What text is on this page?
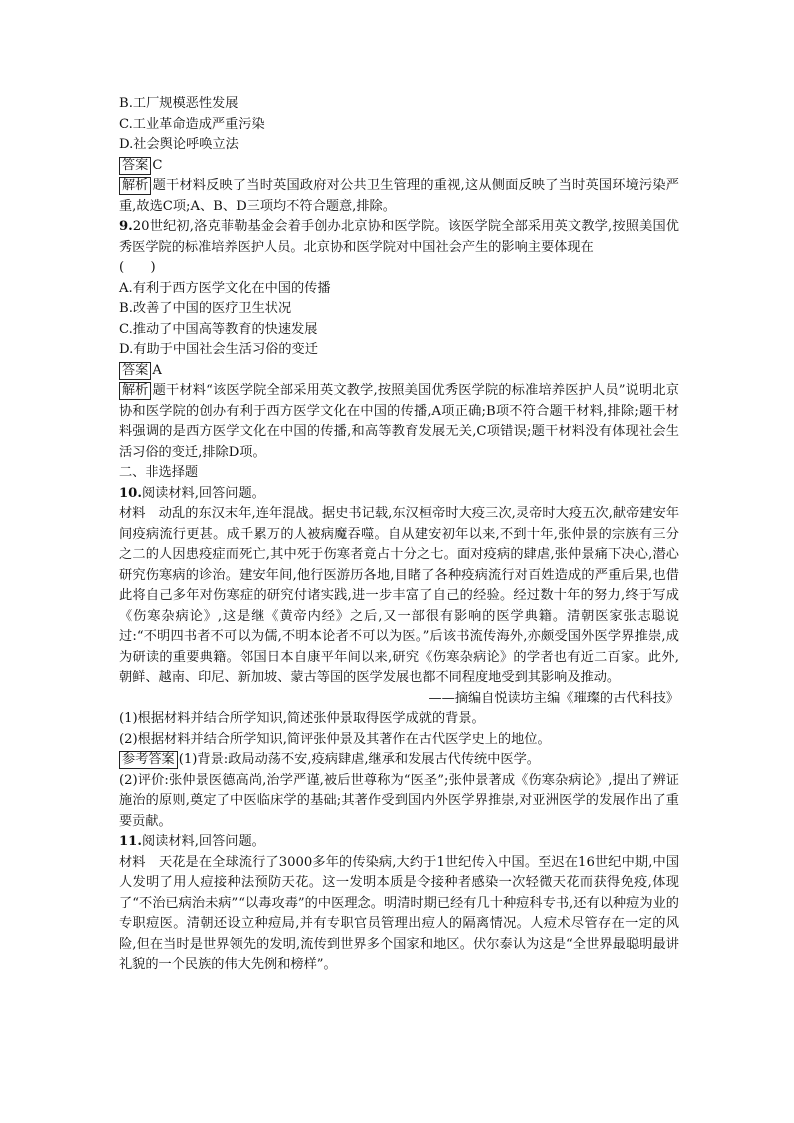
B.工厂规模恶性发展
C.工业革命造成严重污染
D.社会舆论呼唤立法
答案 C
解析 题干材料反映了当时英国政府对公共卫生管理的重视,这从侧面反映了当时英国环境污染严重,故选C项;A、B、D三项均不符合题意,排除。
9.20世纪初,洛克菲勒基金会着手创办北京协和医学院。该医学院全部采用英文教学,按照美国优秀医学院的标准培养医护人员。北京协和医学院对中国社会产生的影响主要体现在
(　　)
A.有利于西方医学文化在中国的传播
B.改善了中国的医疗卫生状况
C.推动了中国高等教育的快速发展
D.有助于中国社会生活习俗的变迁
答案 A
解析 题干材料“该医学院全部采用英文教学,按照美国优秀医学院的标准培养医护人员”说明北京协和医学院的创办有利于西方医学文化在中国的传播,A项正确;B项不符合题干材料,排除;题干材料强调的是西方医学文化在中国的传播,和高等教育发展无关,C项错误;题干材料没有体现社会生活习俗的变迁,排除D项。
二、非选择题
10.阅读材料,回答问题。
材料　 动乱的东汉末年,连年混战。据史书记载,东汉桓帝时大疫三次,灵帝时大疫五次,献帝建安年间疫病流行更甚。成千累万的人被病魔吞噬。自从建安初年以来,不到十年,张仲景的宗族有三分之二的人因患疫症而死亡,其中死于伤寒者竟占十分之七。面对疫病的肆虐,张仲景痛下决心,潜心研究伤寒病的诊治。建安年间,他行医游历各地,目睹了各种疫病流行对百姓造成的严重后果,也借此将自己多年对伤寒症的研究付诸实践,进一步丰富了自己的经验。经过数十年的努力,终于写成《伤寒杂病论》,这是继《黄帝内经》之后,又一部很有影响的医学典籍。清朝医家张志聪说过:“不明四书者不可以为儒,不明本论者不可以为医。”后该书流传海外,亦颇受国外医学界推崇,成为研读的重要典籍。邻国日本自康平年间以来,研究《伤寒杂病论》的学者也有近二百家。此外,朝鲜、越南、印尼、新加坡、蒙古等国的医学发展也都不同程度地受到其影响及推动。
——摘编自悦读坊主编《璀璨的古代科技》
(1)根据材料并结合所学知识,简述张仲景取得医学成就的背景。
(2)根据材料并结合所学知识,简评张仲景及其著作在古代医学史上的地位。
参考答案 (1)背景:政局动荡不安,疫病肆虐,继承和发展古代传统中医学。
(2)评价:张仲景医德高尚,治学严谨,被后世尊称为“医圣”;张仲景著成《伤寒杂病论》,提出了辨证施治的原则,奠定了中医临床学的基础;其著作受到国内外医学界推崇,对亚洲医学的发展作出了重要贡献。
11.阅读材料,回答问题。
材料　 天花是在全球流行了3000多年的传染病,大约于1世纪传入中国。至迟在16世纪中期,中国人发明了用人痘接种法预防天花。这一发明本质是令接种者感染一次轻微天花而获得免疫,体现了“不治已病治未病”“以毒攻毒”的中医理念。明清时期已经有几十种痘科专书,还有以种痘为业的专职痘医。清朝还设立种痘局,并有专职官员管理出痘人的隔离情况。人痘术尽管存在一定的风险,但在当时是世界领先的发明,流传到世界多个国家和地区。伏尔泰认为这是“全世界最聪明最讲礼貌的一个民族的伟大先例和榜样”。
